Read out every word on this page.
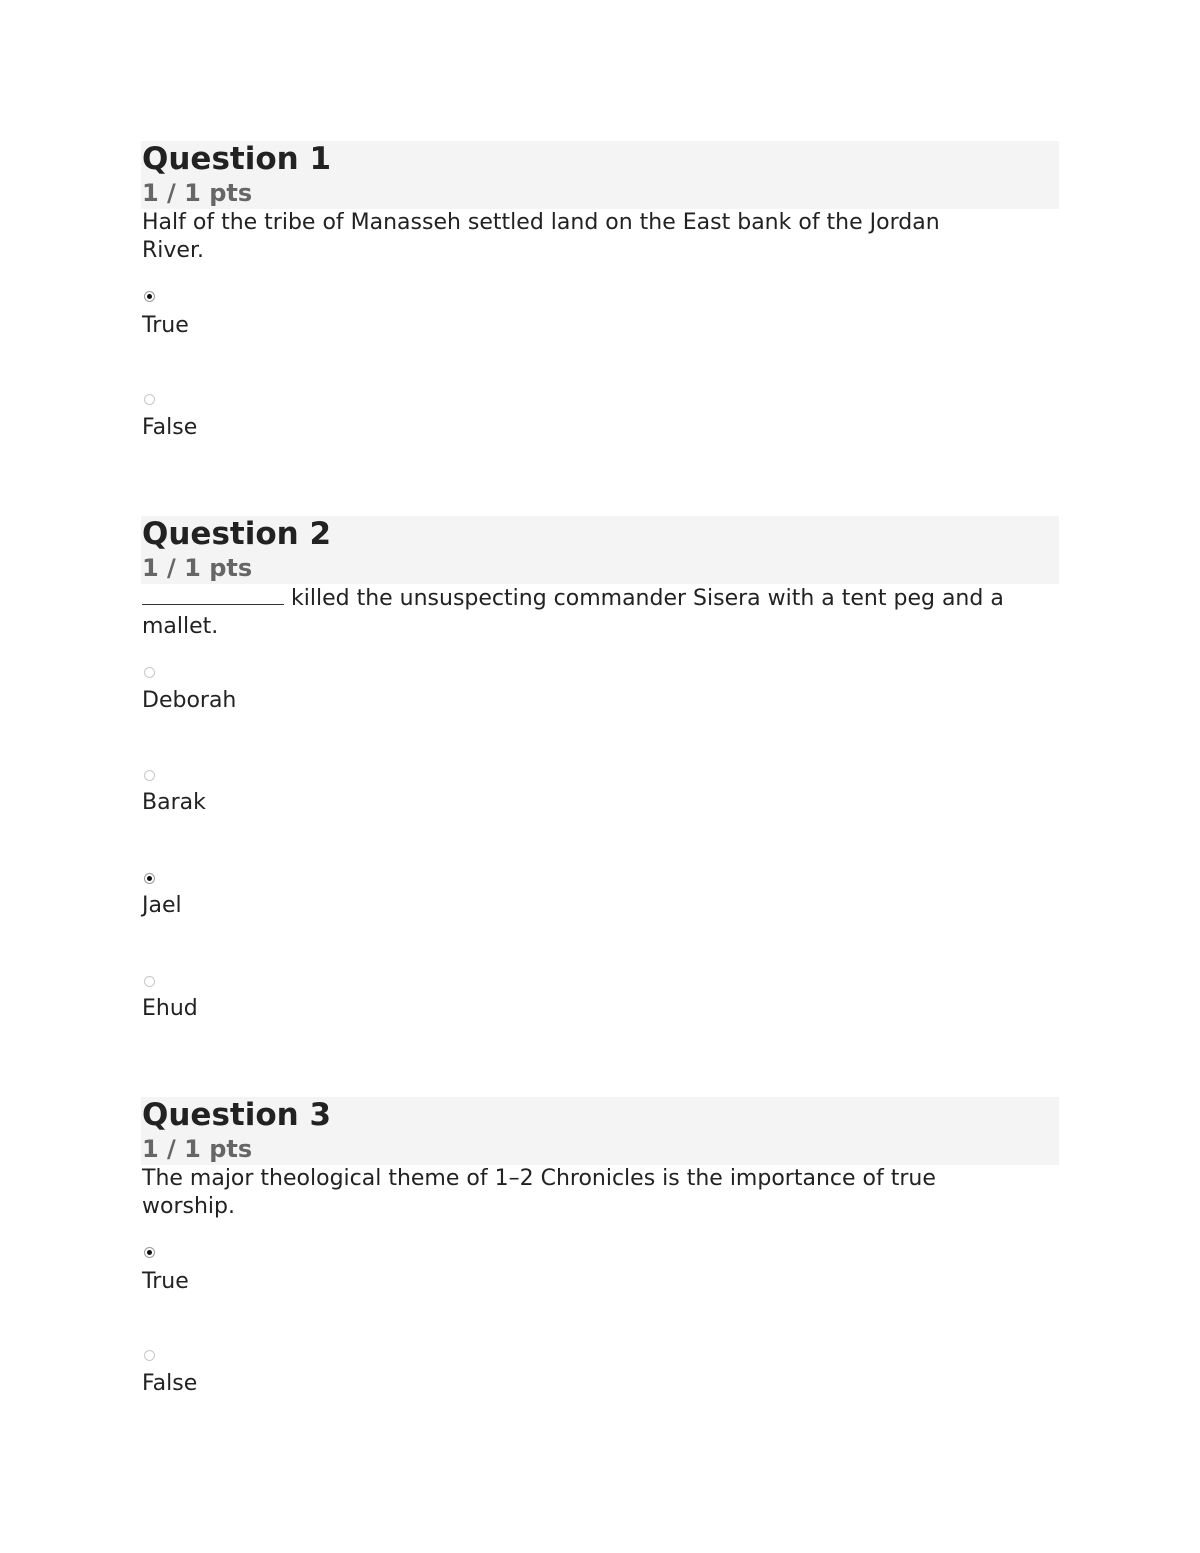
Question 1
1 / 1 pts
Half of the tribe of Manasseh settled land on the East bank of the Jordan
River.
True
False
Question 2
1 / 1 pts
killed the unsuspecting commander Sisera with a tent peg and a
mallet.
Deborah
Barak
Jael
Ehud
Question 3
1 / 1 pts
The major theological theme of 1–2 Chronicles is the importance of true
worship.
True
False
